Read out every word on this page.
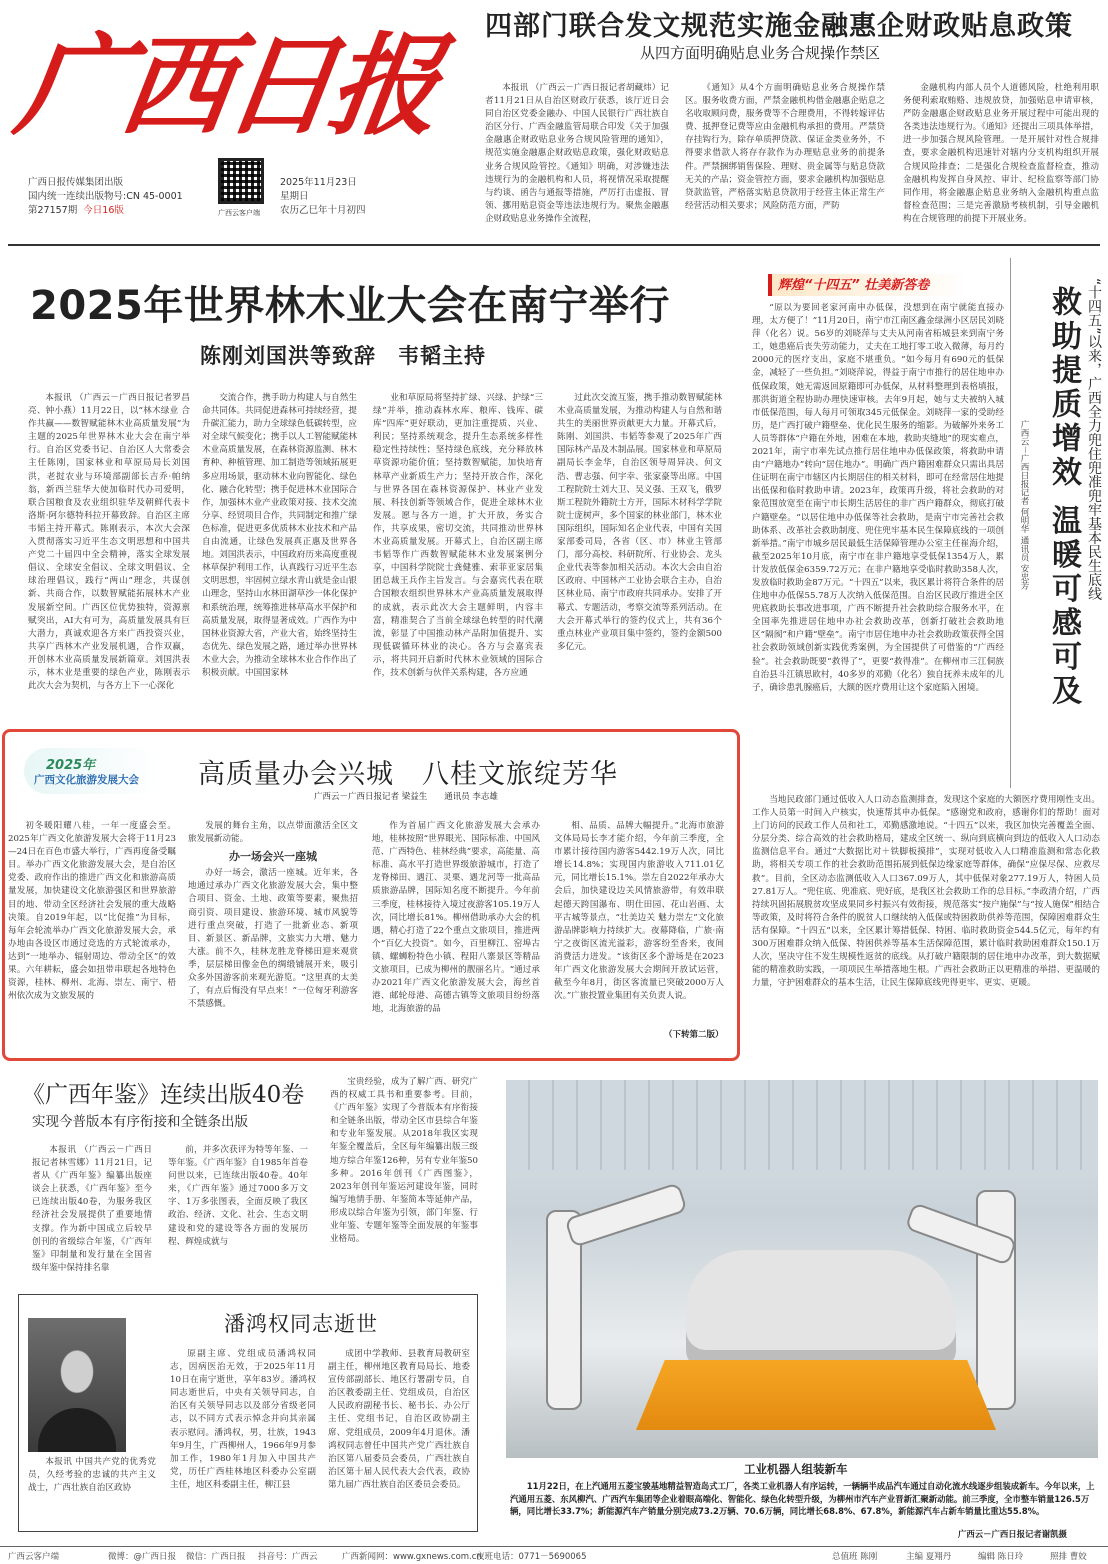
广西日报
广西日报传媒集团出版
国内统一连续出版物号:CN 45-0001
第27157期 今日16版	广西云客户端
2025年11月23日
星期日
农历乙巳年十月初四
四部门联合发文规范实施金融惠企财政贴息政策
从四方面明确贴息业务合规操作禁区

本报讯 （广西云－广西日报记者胡藏炜）记者11月21日从自治区财政厅获悉，该厅近日会同自治区党委金融办、中国人民银行广西壮族自治区分行、广西金融监管局联合印发《关于加强金融惠企财政贴息业务合规风险管理的通知》，规范实施金融惠企财政贴息政策，强化财政贴息业务合规风险管控。《通知》明确，对涉嫌违法违规行为的金融机构和人员，将视情况采取提醒与约谈、函告与通报等措施，严厉打击虚报、冒领、挪用贴息资金等违法违规行为。聚焦金融惠企财政贴息业务操作全流程，

《通知》从4个方面明确贴息业务合规操作禁区。服务收费方面，严禁金融机构借金融惠企贴息之名收取顾问费，服务费等不合理费用，不得转嫁评估费、抵押登记费等应由金融机构承担的费用。严禁贷存挂钩行为，除存单质押贷款、保证金类业务外，不得要求借款人将存存款作为办理贴息业务的前提条件。严禁捆绑销售保险、理财、贵金属等与贴息贷款无关的产品；资金管控方面，要求金融机构加强贴息贷款监管，严格落实贴息贷款用于经营主体正常生产经营活动相关要求；风险防范方面，严防

金融机构内部人员个人道德风险，杜绝利用职务便利索取贿赂、违规放贷，加强贴息申请审核，严防金融惠企财政贴息业务开展过程中可能出现的各类违法违规行为。《通知》还提出三项具体举措，进一步加强合规风险管理。一是开展针对性合规排查，要求金融机构迅速针对辖内分支机构组织开展合规风险排查；二是强化合规检查监督检查，推动金融机构发挥自身风控、审计、纪检监察等部门协同作用，将金融惠企贴息业务纳入金融机构重点监督检查范围；三是完善激励考核机制，引导金融机构在合规管理的前提下开展业务。

2025年世界林木业大会在南宁举行
陈刚刘国洪等致辞　韦韬主持

本报讯 （广西云－广西日报记者罗昌亮、钟小燕）11月22日，以“林木绿业 合作共赢——数智赋能林木业高质量发展”为主题的2025年世界林木业大会在南宁举行。自治区党委书记、自治区人大常委会主任陈刚，国家林业和草原局局长刘国洪，老挝农业与环境部副部长吉乔·帕纳翁，新西兰驻华大使加临时代办司爱明，联合国粮食及农业组织驻华及朝鲜代表卡洛斯·阿尔德特科拉开幕致辞。自治区主席韦韬主持开幕式。陈刚表示，本次大会深入贯彻落实习近平生态文明思想和中国共产党二十届四中全会精神，落实全球发展倡议、全球安全倡议、全球文明倡议、全球治理倡议，践行“两山”理念，共谋创新、共商合作，以数智赋能拓展林木产业发展新空间。广西区位优势独特，资源禀赋突出，AI大有可为，高质量发展具有巨大潜力，真诚欢迎各方来广西投资兴业，共享广西林木产业发展机遇，合作双赢，开创林木业高质量发展新篇章。刘国洪表示，林木业是重要的绿色产业，陈刚表示此次大会为契机，与各方上下一心深化

交流合作，携手助力构建人与自然生命共同体。共同促进森林可持续经营，提升碳汇能力，助力全球绿色低碳转型，应对全球气候变化；携手以人工智能赋能林木业高质量发展，在森林资源监测、林木育种、种植管理、加工制造等领域拓展更多应用场景，驱动林木业向智能化、绿色化、融合化转型；携手促进林木业国际合作，加强林木业产业政策对接、技术交流分享、经贸项目合作，共同制定和推广绿色标准，促进更多优质林木业技术和产品自由流通，让绿色发展真正惠及世界各地。刘国洪表示，中国政府历来高度重视林草保护利用工作，认真践行习近平生态文明思想，牢固树立绿水青山就是金山银山理念，坚持山水林田湖草沙一体化保护和系统治理，统筹推进林草高水平保护和高质量发展，取得显著成效。广西作为中国林业资源大省，产业大省，始终坚持生态优先、绿色发展之路，通过举办世界林木业大会，为推动全球林木业合作作出了积极贡献。中国国家林

业和草原局将坚持扩绿、兴绿、护绿“三绿”并举，推动森林水库、粮库、钱库、碳库“四库”更好联动，更加注重提质、兴业、利民；坚持系统观念，提升生态系统多样性稳定性持续性；坚持绿色底线，充分释放林草资源功能价值；坚持数智赋能，加快培育林草产业新质生产力；坚持开放合作，深化与世界各国在森林资源保护、林业产业发展、科技创新等领域合作，促进全球林木业发展。愿与各方一道，扩大开放，务实合作，共享成果，密切交流，共同推动世界林木业高质量发展。开幕式上，自治区副主席韦韬等作广西数智赋能林木业发展案例分享，中国科学院院士龚健雅、索菲亚家居集团总裁王兵作主旨发言。与会嘉宾代表在联合国粮农组织世界林木产业高质量发展取得的成就，表示此次大会主题鲜明，内容丰富，精准契合了当前全球绿色转型的时代潮流，彰显了中国推动林产品附加值提升、实现低碳循环林业的决心。各方与会嘉宾表示，将共同开启新时代林木业领域的国际合作，技术创新与伙伴关系构建，各方应通

过此次交流互鉴，携手推动数智赋能林木业高质量发展，为推动构建人与自然和谐共生的美丽世界贡献更大力量。开幕式后，陈刚、刘国洪、韦韬等参观了2025年广西国际林产品及木制品展。国家林业和草原局副局长李金华，自治区领导周异决、何文浩、曹志强、何宇幸、张家豪等出席。中国工程院院士刘大卫、吴义强、王双飞，俄罗斯工程院外籍院士方开，国际木材科学学院院士庞树声，多个国家的林业部门，林木业国际组织，国际知名企业代表，中国有关国家部委司局，各省（区、市）林业主管部门，部分高校、科研院所、行业协会、龙头企业代表等参加相关活动。本次大会由自治区政府、中国林产工业协会联合主办，自治区林业局、南宁市政府共同承办。安排了开幕式、专题活动，考察交流等系列活动。在大会开幕式举行的签约仪式上，共有36个重点林业产业项目集中签约，签约金额500多亿元。

辉煌“十四五” 壮美新答卷
救助提质增效 温暖可感可及 “十四五”以来，广西全力兜住兜准兜牢基本民生底线
广西云－广西日报记者 何明华 通讯员 安忠芳

“原以为要回老家河南申办低保，没想到在南宁就能直接办理，太方便了！”11月20日，南宁市江南区鑫金绿洲小区居民刘晓萍（化名）说。56岁的刘晓萍与丈夫从河南省柘城县来到南宁务工，她患癌后丧失劳动能力，丈夫在工地打零工收入微薄，每月约2000元的医疗支出，家庭不堪重负。“如今每月有690元的低保金，减轻了一些负担。”刘晓萍说，得益于南宁市推行的居住地申办低保政策，她无需返回原籍即可办低保，从材料整理到表格填报，那洪街道全程协助办理快速审核。去年9月起，她与丈夫被纳入城市低保范围，每人每月可领取345元低保金。刘晓萍一家的受助经历，是广西打破户籍壁垒、优化民生服务的缩影。为破解外来务工人员等群体“户籍在外地，困难在本地，救助夹缝地”的现实难点，2021年，南宁市率先试点推行居住地申办低保政策，将救助申请由“户籍地办”转向“居住地办”。明确广西户籍困难群众只需出具居住证明在南宁市辖区内长期居住的相关材料，即可在经常居住地提出低保和临时救助申请。2023年，政策再升级，将社会救助的对象范围放宽至在南宁市长期生活居住的非广西户籍群众，彻底打破户籍壁垒。“以居住地申办低保等社会救助，是南宁市完善社会救助体系、改革社会救助制度、兜住兜牢基本民生保障底线的一项创新举措。”南宁市城乡居民最低生活保障管理办公室主任崔海介绍，截至2025年10月底，南宁市在非户籍地享受低保1354万人，累计发放低保金6359.72万元；在非户籍地享受临时救助358人次，发放临时救助金87万元。“十四五”以来，我区累计将符合条件的居住地申办低保55.78万人次纳入低保范围。自治区民政厅推进全区兜底救助长事改进事项，广西不断提升社会救助综合服务水平，在全国率先推进居住地申办社会救助改革，创新打破社会救助地区“隔阂”和户籍“壁垒”。南宁市居住地申办社会救助政策获得全国社会救助领域创新实践优秀案例，为全国提供了可借鉴的“广西经验”。社会救助既要“救得了”，更要“救得准”。在柳州市三江侗族自治县斗江镇思欧村，40多岁的邓勤（化名）独自抚养未成年的儿子，确诊患乳腺癌后，大额的医疗费用让这个家庭陷入困境。

当地民政部门通过低收入人口动态监测排查，发现这个家庭的大额医疗费用刚性支出。工作人员第一时间入户核实，快速帮其申办低保。“感谢党和政府，感谢你们的帮助！面对上门访问的民政工作人员和社工，邓勤感激地说。“十四五”以来，我区加快完善覆盖全面、分层分类、综合高效的社会救助格局，建成全区统一、纵向到底横向到边的低收入人口动态监测信息平台。通过“大数据比对＋铁脚板摸排”，实现对低收入人口精准监测和常态化救助，将相关专项工作的社会救助范围拓展到低保边缘家庭等群体，确保“应保尽保、应救尽救”。目前，全区动态监测低收入人口367.09万人，其中低保对象277.19万人，特困人员27.81万人。“兜住底、兜准底、兜好底，是我区社会救助工作的总目标。”李政清介绍，广西持续巩固拓展脱贫攻坚成果同乡村振兴有效衔接，规范落实“按户施保”与“按人施保”相结合等政策，及时将符合条件的脱贫人口继续纳入低保或特困救助供养等范围，保障困难群众生活有保障。“十四五”以来，全区累计筹措低保、特困、临时救助资金544.5亿元，每年约有300万困难群众纳入低保、特困供养等基本生活保障范围，累计临时救助困难群众150.1万人次，坚决守住不发生规模性返贫的底线。从打破户籍限制的居住地申办改革，到大数据赋能的精准救助实践，一项项民生举措落地生根。广西社会救助正以更精准的举措、更温暖的力量，守护困难群众的基本生活，让民生保障底线兜得更牢、更实、更暖。

2025年
广西文化旅游发展大会 高质量办会兴城　八桂文旅绽芳华
广西云－广西日报记者 梁益生　　通讯员 李志雄

初冬暖阳耀八桂，一年一度盛会至。2025年广西文化旅游发展大会将于11月23—24日在百色市盛大举行，广西再度备受瞩目。举办广西文化旅游发展大会，是自治区党委、政府作出的推进广西文化和旅游高质量发展，加快建设文化旅游强区和世界旅游目的地、带动全区经济社会发展的重大战略决策。自2019年起，以“比促推”为目标，每年会轮流举办广西文化旅游发展大会，承办地由各设区市通过竞选的方式轮流承办，达到“一地举办、辐射周边、带动全区”的效果。六年耕耘，盛会如扭带串联起各地特色资源，桂林、柳州、北海、崇左、南宁、梧州依次成为文旅发展的

发展的舞台主角，以点带面激活全区文旅发展新动能。

办一场会兴一座城

办好一场会，激活一座城。近年来，各地通过承办广西文化旅游发展大会，集中整合项目、资金、土地、政策等要素，聚焦招商引资、项目建设、旅游环境、城市风貌等进行重点突破，打造了一批新业态、新项目、新景区、新品牌，文旅实力大增、魅力大涨。前不久，桂林龙胜龙脊梯田迎来观赏季，层层梯田像金色的绸缎铺展开来，吸引众多外国游客前来观光游览。“这里真的太美了，有点后悔没有早点来！”一位匈牙利游客不禁感慨。

作为首届广西文化旅游发展大会承办地，桂林按照“世界眼光、国际标准、中国风范、广西特色、桂林经典”要求，高能量、高标准、高水平打造世界级旅游城市，打造了龙脊梯田、遇江、灵栗、遇龙河等一批高品质旅游品牌，国际知名度不断提升。今年前三季度，桂林接待入境过夜游客105.19万人次，同比增长81%。柳州借助承办大会的机遇，精心打造了22个重点文旅项目，推进两个“百亿大投资”。如今，百里柳江、窑埠古镇、螺蛳粉特色小镇、程阳八寨景区等精品文旅项目，已成为柳州的靓丽名片。“通过承办2021年广西文化旅游发展大会，海丝首港、邮轮母港、高德古镇等文旅项目纷纷落地，北海旅游的品

相、品质、品牌大幅提升。”北海市旅游文体局局长李才能介绍，今年前三季度，全市累计接待国内游客5442.19万人次，同比增长14.8%；实现国内旅游收入711.01亿元，同比增长15.1%。崇左自2022年承办大会后，加快建设边关风情旅游带，有效串联起德天跨国瀑布、明仕田园、花山岩画、太平古城等景点，“壮美边关 魅力崇左”文化旅游品牌影响力持续扩大。夜幕降临，广旅·南宁之夜街区流光溢彩，游客纷至沓来，夜间消费活力迸发。“该街区多个游场是在2023年广西文化旅游发展大会期间开放试运营，截至今年8月，街区客流量已突破2000万人次。”广旅投置业集团有关负责人说。

（下转第二版）
《广西年鉴》连续出版40卷
实现今普版本有序衔接和全链条出版

本报讯 （广西云－广西日报记者林雪娜）11月21日，记者从《广西年鉴》编纂出版座谈会上获悉，《广西年鉴》至今已连续出版40卷，为服务我区经济社会发展提供了重要地情支撑。作为新中国成立后较早创刊的省级综合年鉴，《广西年鉴》印制量和发行量在全国省级年鉴中保持排名靠

前，并多次获评为特等年鉴、一等年鉴。《广西年鉴》自1985年首卷问世以来，已连续出版40卷。40年来，《广西年鉴》通过7000多万文字、1万多张图表，全面反映了我区政治、经济、文化、社会、生态文明建设和党的建设等各方面的发展历程、辉煌成就与

宝贵经验，成为了解广西、研究广西的权威工具书和重要参考。目前，《广西年鉴》实现了今普版本有序衔接和全链条出版，带动全区市县综合年鉴和专业年鉴发展。从2018年我区实现年鉴全覆盖后，全区每年编纂出版三级地方综合年鉴126种，另有专业年鉴50多种。2016年创刊《广西图鉴》，2023年创刊年鉴运河建设年鉴，同时编写地情手册、年鉴简本等延伸产品，形成以综合年鉴为引领，部门年鉴、行业年鉴、专题年鉴等全面发展的年鉴事业格局。

潘鸿权同志逝世

本报讯 中国共产党的优秀党员，久经考验的忠诚的共产主义战士，广西壮族自治区政协

原副主席、党组成员潘鸿权同志，因病医治无效，于2025年11月10日在南宁逝世，享年83岁。潘鸿权同志逝世后，中央有关领导同志，自治区有关领导同志以及部分省级老同志，以不同方式表示悼念并向其亲属表示慰问。潘鸿权，男，壮族，1943年9月生，广西柳州人，1966年9月参加工作，1980年1月加入中国共产党，历任广西桂林地区科委办公室副主任，地区科委副主任，柳江县

成团中学教师、县教育局教研室副主任，柳州地区教育局局长、地委宣传部副部长、地区行署副专员，自治区教委副主任、党组成员，自治区人民政府副秘书长、秘书长、办公厅主任、党组书记，自治区政协副主席、党组成员，2009年4月退休。潘鸿权同志曾任中国共产党广西壮族自治区第八届委员会委员，广西壮族自治区第十届人民代表大会代表，政协第九届广西壮族自治区委员会委员。

工业机器人组装新车
11月22日，在上汽通用五菱宝骏基地精益智造岛式工厂，各类工业机器人有序运转，一辆辆半成品汽车通过自动化流水线逐步组装成新车。今年以来，上汽通用五菱、东风柳汽、广西汽车集团等企业着眼高端化、智能化、绿色化转型升级，为柳州市汽车产业晋新汇聚新动能。前三季度，全市整车销量126.5万辆，同比增长33.7%；新能源汽车产销量分别完成73.2万辆、70.6万辆，同比增长68.8%、67.8%，新能源汽车占新车销量比重达55.8%。
广西云－广西日报记者谢凯摄
广西云客户端	微博：@广西日报 微信：广西日报 抖音号：广西云	广西新闻网：www.gxnews.com.cn
夜班电话：0771－5690065	总值班 陈刚	主编 夏翔丹	编辑 陈日玲	照排 曹姣
